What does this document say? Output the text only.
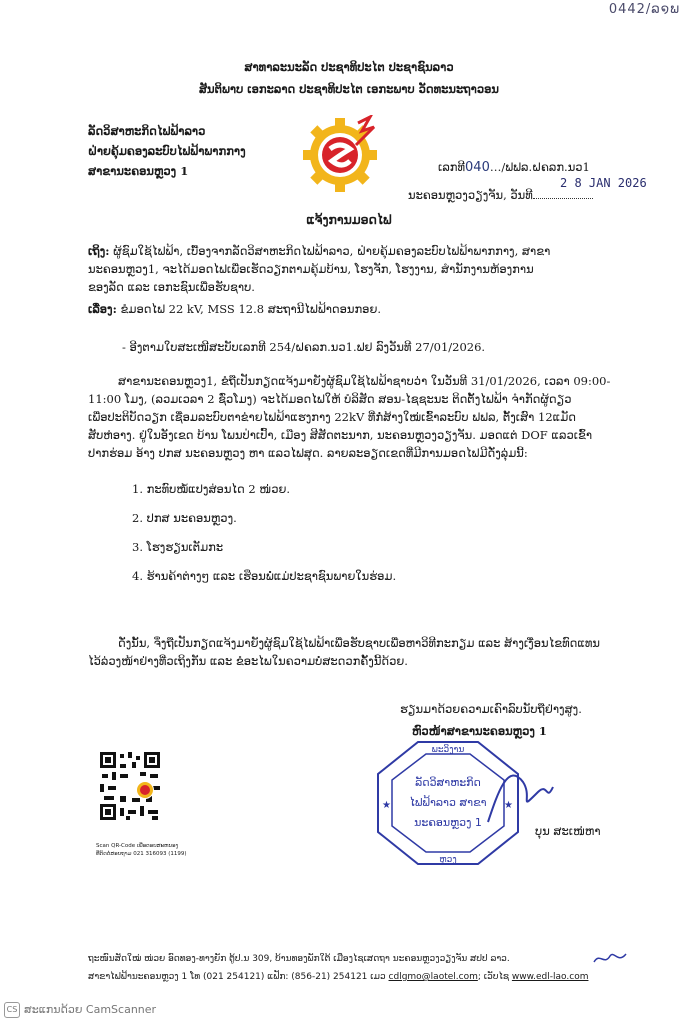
0442/ລ໑ພ
ສາທາລະນະລັດ ປະຊາທິປະໄຕ ປະຊາຊົນລາວ
ສັນຕິພາບ ເອກະລາດ ປະຊາທິປະໄຕ ເອກະພາບ ວັດທະນະຖາວອນ
ລັດວິສາຫະກິດໄຟຟ້າລາວ
ຝ່າຍຄຸ້ມຄອງລະບົບໄຟຟ້າພາກກາງ
ສາຂານະຄອນຫຼວງ 1	ເລກທີ040…/ຟຟລ.ຝຄລກ.ນວ1
2 8 JAN 2026
ນະຄອນຫຼວງວຽງຈັນ, ວັນທີ
ແຈ້ງການມອດໄຟ
ເຖິງ: ຜູ້ຊົມໃຊ້ໄຟຟ້າ, ເບື້ອງຈາກລັດວິສາຫະກິດໄຟຟ້າລາວ, ຝ່າຍຄຸ້ມຄອງລະບົບໄຟຟ້າພາກກາງ, ສາຂາ
ນະຄອນຫຼວງ1, ຈະໄດ້ມອດໄຟເພື່ອເຮັດວຽກຕາມຄຸ້ມບ້ານ, ໂຮງຈັກ, ໂຮງງານ, ສໍານັກງານຫ້ອງການ
ຂອງລັດ ແລະ ເອກະຊົນເພື່ອຮັບຊາບ.
ເລື່ອງ: ຂໍມອດໄຟ 22 kV, MSS 12.8 ສະຖານີໄຟຟ້າດອນກອຍ.
- ອີງຕາມໃບສະເໜີສະບັບເລກທີ 254/ຝຄລກ.ນວ1.ຟຢ ລົງວັນທີ 27/01/2026.
ສາຂານະຄອນຫຼວງ1, ຂໍຖືເປັນກຽດແຈ້ງມາຍັງຜູ້ຊົມໃຊ້ໄຟຟ້າຊາບວ່າ ໃນວັນທີ 31/01/2026, ເວລາ 09:00-
11:00 ໂມງ, (ລວມເວລາ 2 ຊົ່ວໂມງ) ຈະໄດ້ມອດໄຟໃຫ້ ບໍລິສັດ ສອນ-ໄຊຊະນະ ຕິດຕັ້ງໄຟຟ້າ ຈໍາກັດຜູ້ດຽວ
ເພື່ອປະຕິບັດວຽກ ເຊື່ອມລະບົບຕາຂ່າຍໄຟຟ້າແຮງກາງ 22kV ທີ່ກໍ່ສ້າງໃໝ່ເຂົ້າລະບົບ ຟຟລ, ຕັ້ງເສົາ 12ແມັດ
ສັບຫ່ອາງ. ຢູ່ໃນອັງເຂດ ບ້ານ ໂພນປ່າເປົ້າ, ເມືອງ ສີສັດຕະນາກ, ນະຄອນຫຼວງວຽງຈັນ. ມອດແຕ່ DOF ແລວເຂົ້າ
ປາກຮ່ອມ ອ້າງ ປກສ ນະຄອນຫຼວງ ຫາ ແລວໄຟສຸດ. ລາຍລະອຽດເຂດທີ່ມີການມອດໄຟມີດັ່ງລຸ່ມນີ້:
1. ກະທົບໝໍ້ແປງສ່ອນໄດ 2 ໜ່ວຍ.
2. ປກສ ນະຄອນຫຼວງ.
3. ໂຮງຮຽນເຕັມກະ
4. ຮ້ານຄ້າຕ່າງໆ ແລະ ເຮືອນພໍ່ແມ່ປະຊາຊົນພາຍໃນຮ່ອມ.
ດັ່ງນັ້ນ, ຈຶ່ງຖືເປັນກຽດແຈ້ງມາຍັງຜູ້ຊົມໃຊ້ໄຟຟ້າເພື່ອຮັບຊາບເພື່ອຫາວິທີກະກຽມ ແລະ ສ້າງເງື່ອນໄຂທົດແທນ
ໄວ້ລ່ວງໜ້າຢ່າງທີ່ວເຖິງກັນ ແລະ ຂໍອະໄພໃນຄວາມບໍ່ສະດວກຄັ້ງນີ້ດ້ວຍ.
ຮຽນມາດ້ວຍຄວາມເຄົາລົບນັບຖືຢ່າງສູງ.
ຫົວໜ້າສາຂານະຄອນຫຼວງ 1
ພະວິງານ
ລັດວິສາຫະກິດ
ໄຟຟ້າລາວ ສາຂາ
ນະຄອນຫຼວງ 1
ຫຼວງ
★	★
ບຸນ ສະເໜ່ຫາ
Scan QR-Code ເພື່ອຕອບສະຫນອງ
ທີ່ຕິດຕໍ່ສອບຖາມ 021 316093 (1199)
ຖະໜົນສັດໃໝ່ ໜ່ວຍ ອົດທອງ-ທາງຍັກ ຕູ້ປ.ນ 309, ບ້ານທອງພັກໃຕ້ ເມືອງໄຊເສດຖາ ນະຄອນຫຼວງວຽງຈັນ ສປປ ລາວ.
ສາຂາໄຟຟ້ານະຄອນຫຼວງ 1 ໂທ (021 254121) ແຟັກ: (856-21) 254121 ເມວ cdlgmo@laotel.com; ເວັບໄຊ www.edl-lao.com
CS ສະແກນດ້ວຍ CamScanner
